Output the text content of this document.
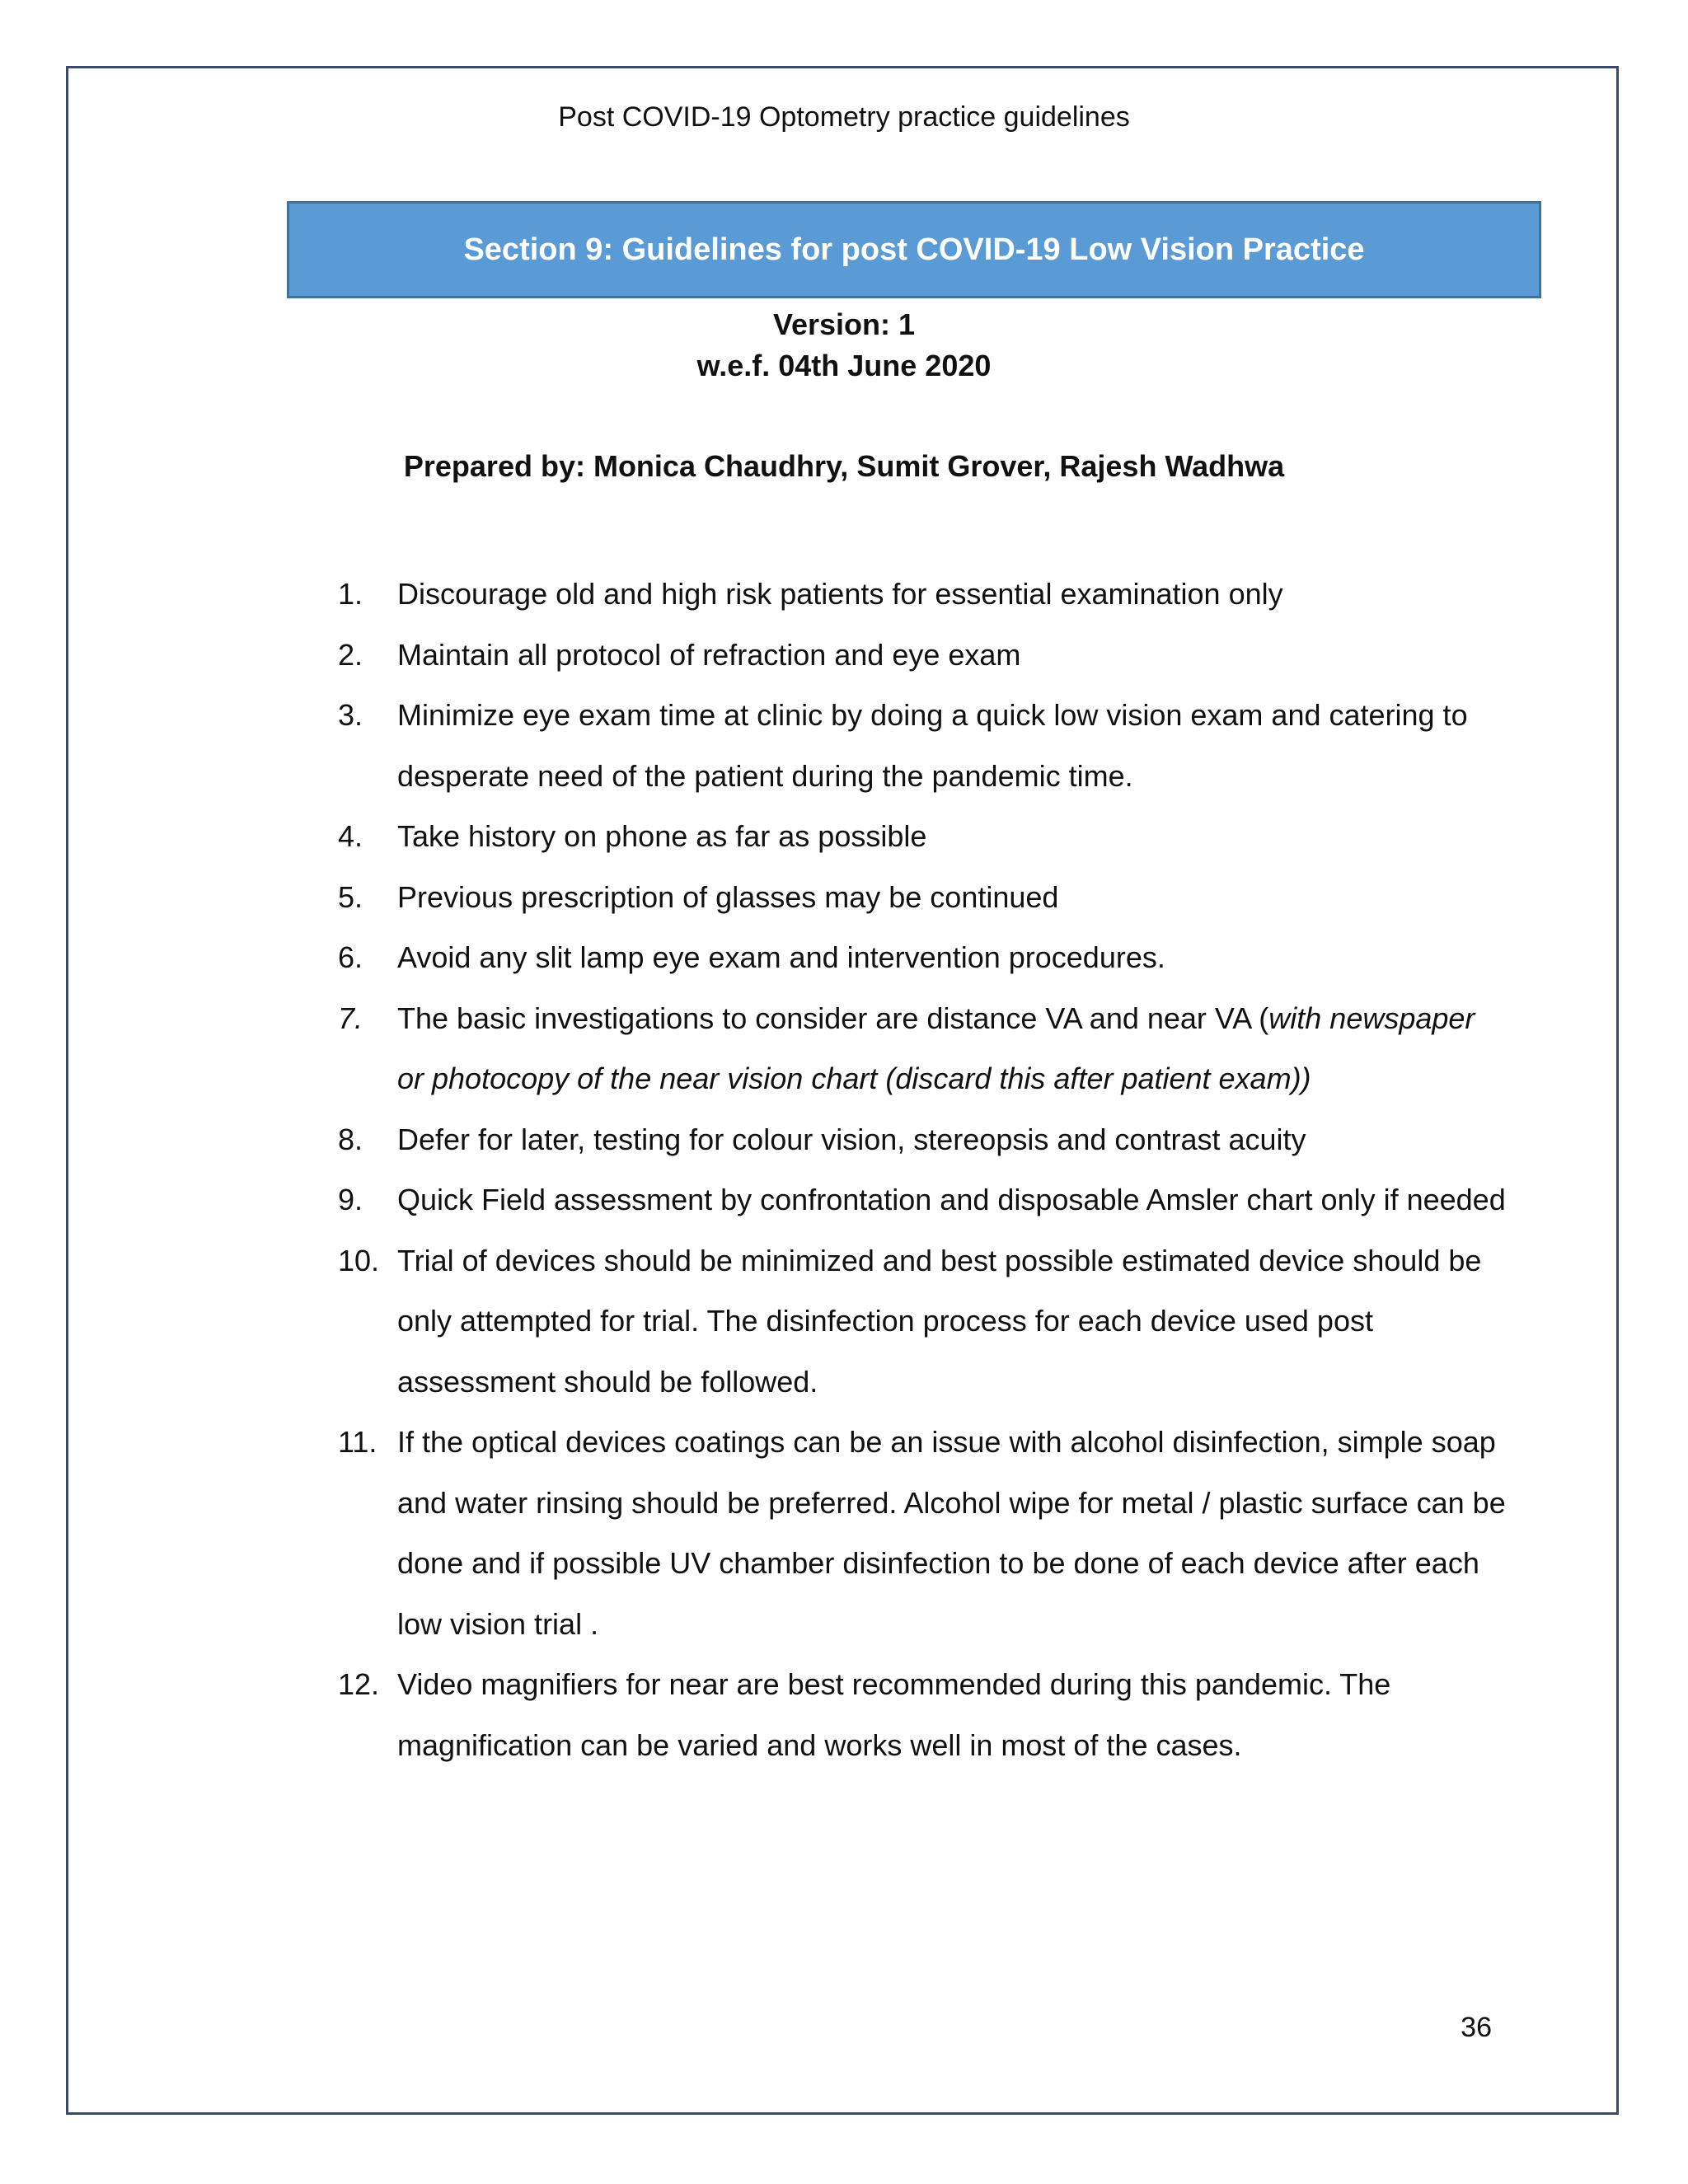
Post COVID-19 Optometry practice guidelines
Section 9: Guidelines for post COVID-19 Low Vision Practice
Version: 1
w.e.f. 04th June 2020
Prepared by: Monica Chaudhry, Sumit Grover, Rajesh Wadhwa
1. Discourage old and high risk patients for essential examination only
2. Maintain all protocol of refraction and eye exam
3. Minimize eye exam time at clinic by doing a quick low vision exam and catering to desperate need of the patient during the pandemic time.
4. Take history on phone as far as possible
5. Previous prescription of glasses may be continued
6. Avoid any slit lamp eye exam and intervention procedures.
7. The basic investigations to consider are distance VA and near VA (with newspaper or photocopy of the near vision chart (discard this after patient exam))
8. Defer for later, testing for colour vision, stereopsis and contrast acuity
9. Quick Field assessment by confrontation and disposable Amsler chart only if needed
10. Trial of devices should be minimized and best possible estimated device should be only attempted for trial. The disinfection process for each device used post assessment should be followed.
11. If the optical devices coatings can be an issue with alcohol disinfection, simple soap and water rinsing should be preferred. Alcohol wipe for metal / plastic surface can be done and if possible UV chamber disinfection to be done of each device after each low vision trial .
12. Video magnifiers for near are best recommended during this pandemic. The magnification can be varied and works well in most of the cases.
36
